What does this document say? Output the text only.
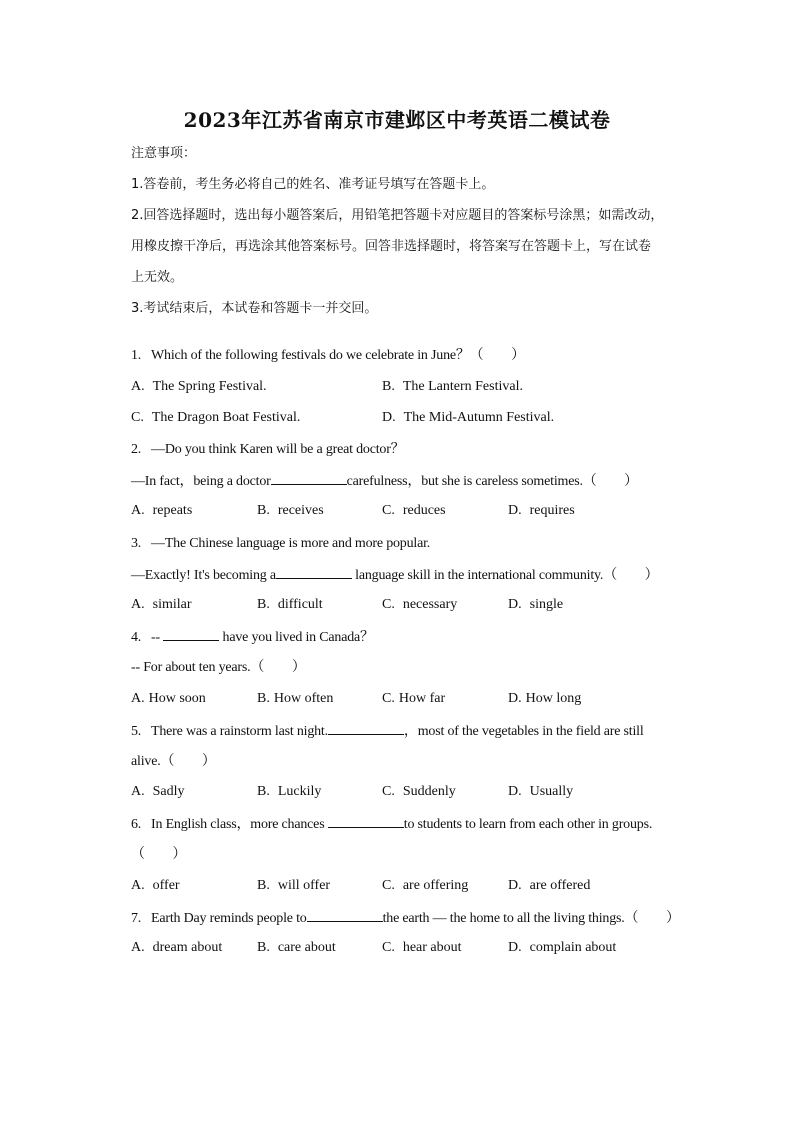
2023年江苏省南京市建邺区中考英语二模试卷
注意事项：
1.答卷前，考生务必将自己的姓名、准考证号填写在答题卡上。
2.回答选择题时，选出每小题答案后，用铅笔把答题卡对应题目的答案标号涂黑；如需改动，
用橡皮擦干净后，再选涂其他答案标号。回答非选择题时，将答案写在答题卡上，写在试卷
上无效。
3.考试结束后，本试卷和答题卡一并交回。
1. Which of the following festivals do we celebrate in June？（　　）
A. The Spring Festival.	B. The Lantern Festival.
C. The Dragon Boat Festival.	D. The Mid-Autumn Festival.
2. —Do you think Karen will be a great doctor？
—In fact，being a doctor	carefulness，but she is careless sometimes.（　　）
A. repeats	B. receives	C. reduces	D. requires
3. —The Chinese language is more and more popular.
—Exactly! It's becoming a	language skill in the international community.（　　）
A. similar	B. difficult	C. necessary	D. single
4. --	have you lived in Canada？
-- For about ten years.（　　）
A. How soon	B. How often	C. How far	D. How long
5. There was a rainstorm last night.	，most of the vegetables in the field are still
alive.（　　）
A. Sadly	B. Luckily	C. Suddenly	D. Usually
6. In English class，more chances	to students to learn from each other in groups.
（　　）
A. offer	B. will offer	C. are offering	D. are offered
7. Earth Day reminds people to	the earth — the home to all the living things.（　　）
A. dream about B. care about	C. hear about	D. complain about
